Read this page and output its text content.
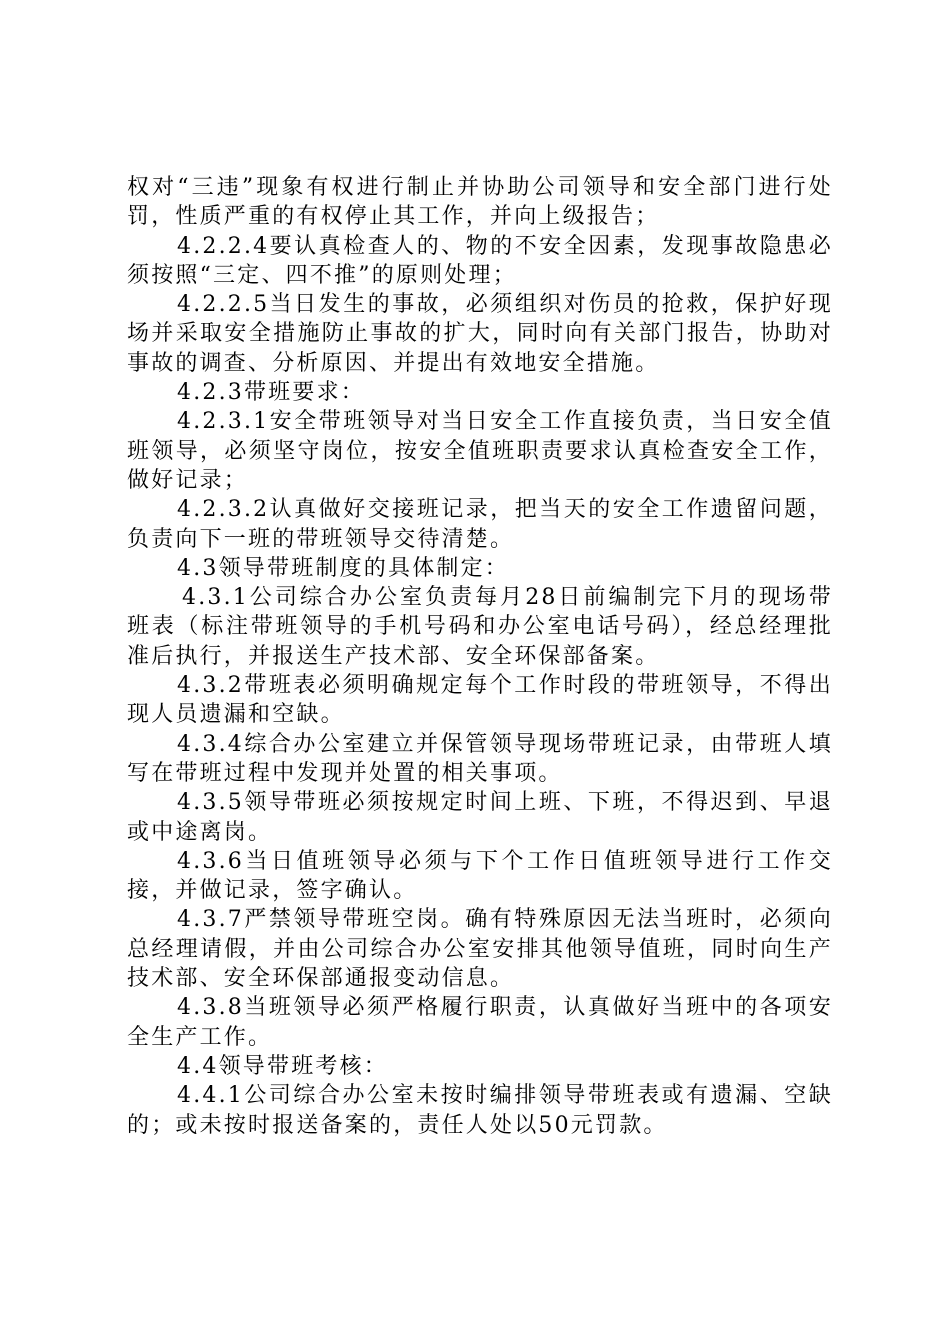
权对“三违”现象有权进行制止并协助公司领导和安全部门进行处罚，性质严重的有权停止其工作，并向上级报告；

4.2.2.4要认真检查人的、物的不安全因素，发现事故隐患必须按照“三定、四不推”的原则处理；

4.2.2.5当日发生的事故，必须组织对伤员的抢救，保护好现场并采取安全措施防止事故的扩大，同时向有关部门报告，协助对事故的调查、分析原因、并提出有效地安全措施。

4.2.3带班要求：

4.2.3.1安全带班领导对当日安全工作直接负责，当日安全值班领导，必须坚守岗位，按安全值班职责要求认真检查安全工作，做好记录；

4.2.3.2认真做好交接班记录，把当天的安全工作遗留问题，负责向下一班的带班领导交待清楚。

4.3领导带班制度的具体制定：

4.3.1公司综合办公室负责每月28日前编制完下月的现场带班表（标注带班领导的手机号码和办公室电话号码），经总经理批准后执行，并报送生产技术部、安全环保部备案。

4.3.2带班表必须明确规定每个工作时段的带班领导，不得出现人员遗漏和空缺。

4.3.4综合办公室建立并保管领导现场带班记录，由带班人填写在带班过程中发现并处置的相关事项。

4.3.5领导带班必须按规定时间上班、下班，不得迟到、早退或中途离岗。

4.3.6当日值班领导必须与下个工作日值班领导进行工作交接，并做记录，签字确认。

4.3.7严禁领导带班空岗。确有特殊原因无法当班时，必须向总经理请假，并由公司综合办公室安排其他领导值班，同时向生产技术部、安全环保部通报变动信息。

4.3.8当班领导必须严格履行职责，认真做好当班中的各项安全生产工作。

4.4领导带班考核：

4.4.1公司综合办公室未按时编排领导带班表或有遗漏、空缺的；或未按时报送备案的，责任人处以50元罚款。
